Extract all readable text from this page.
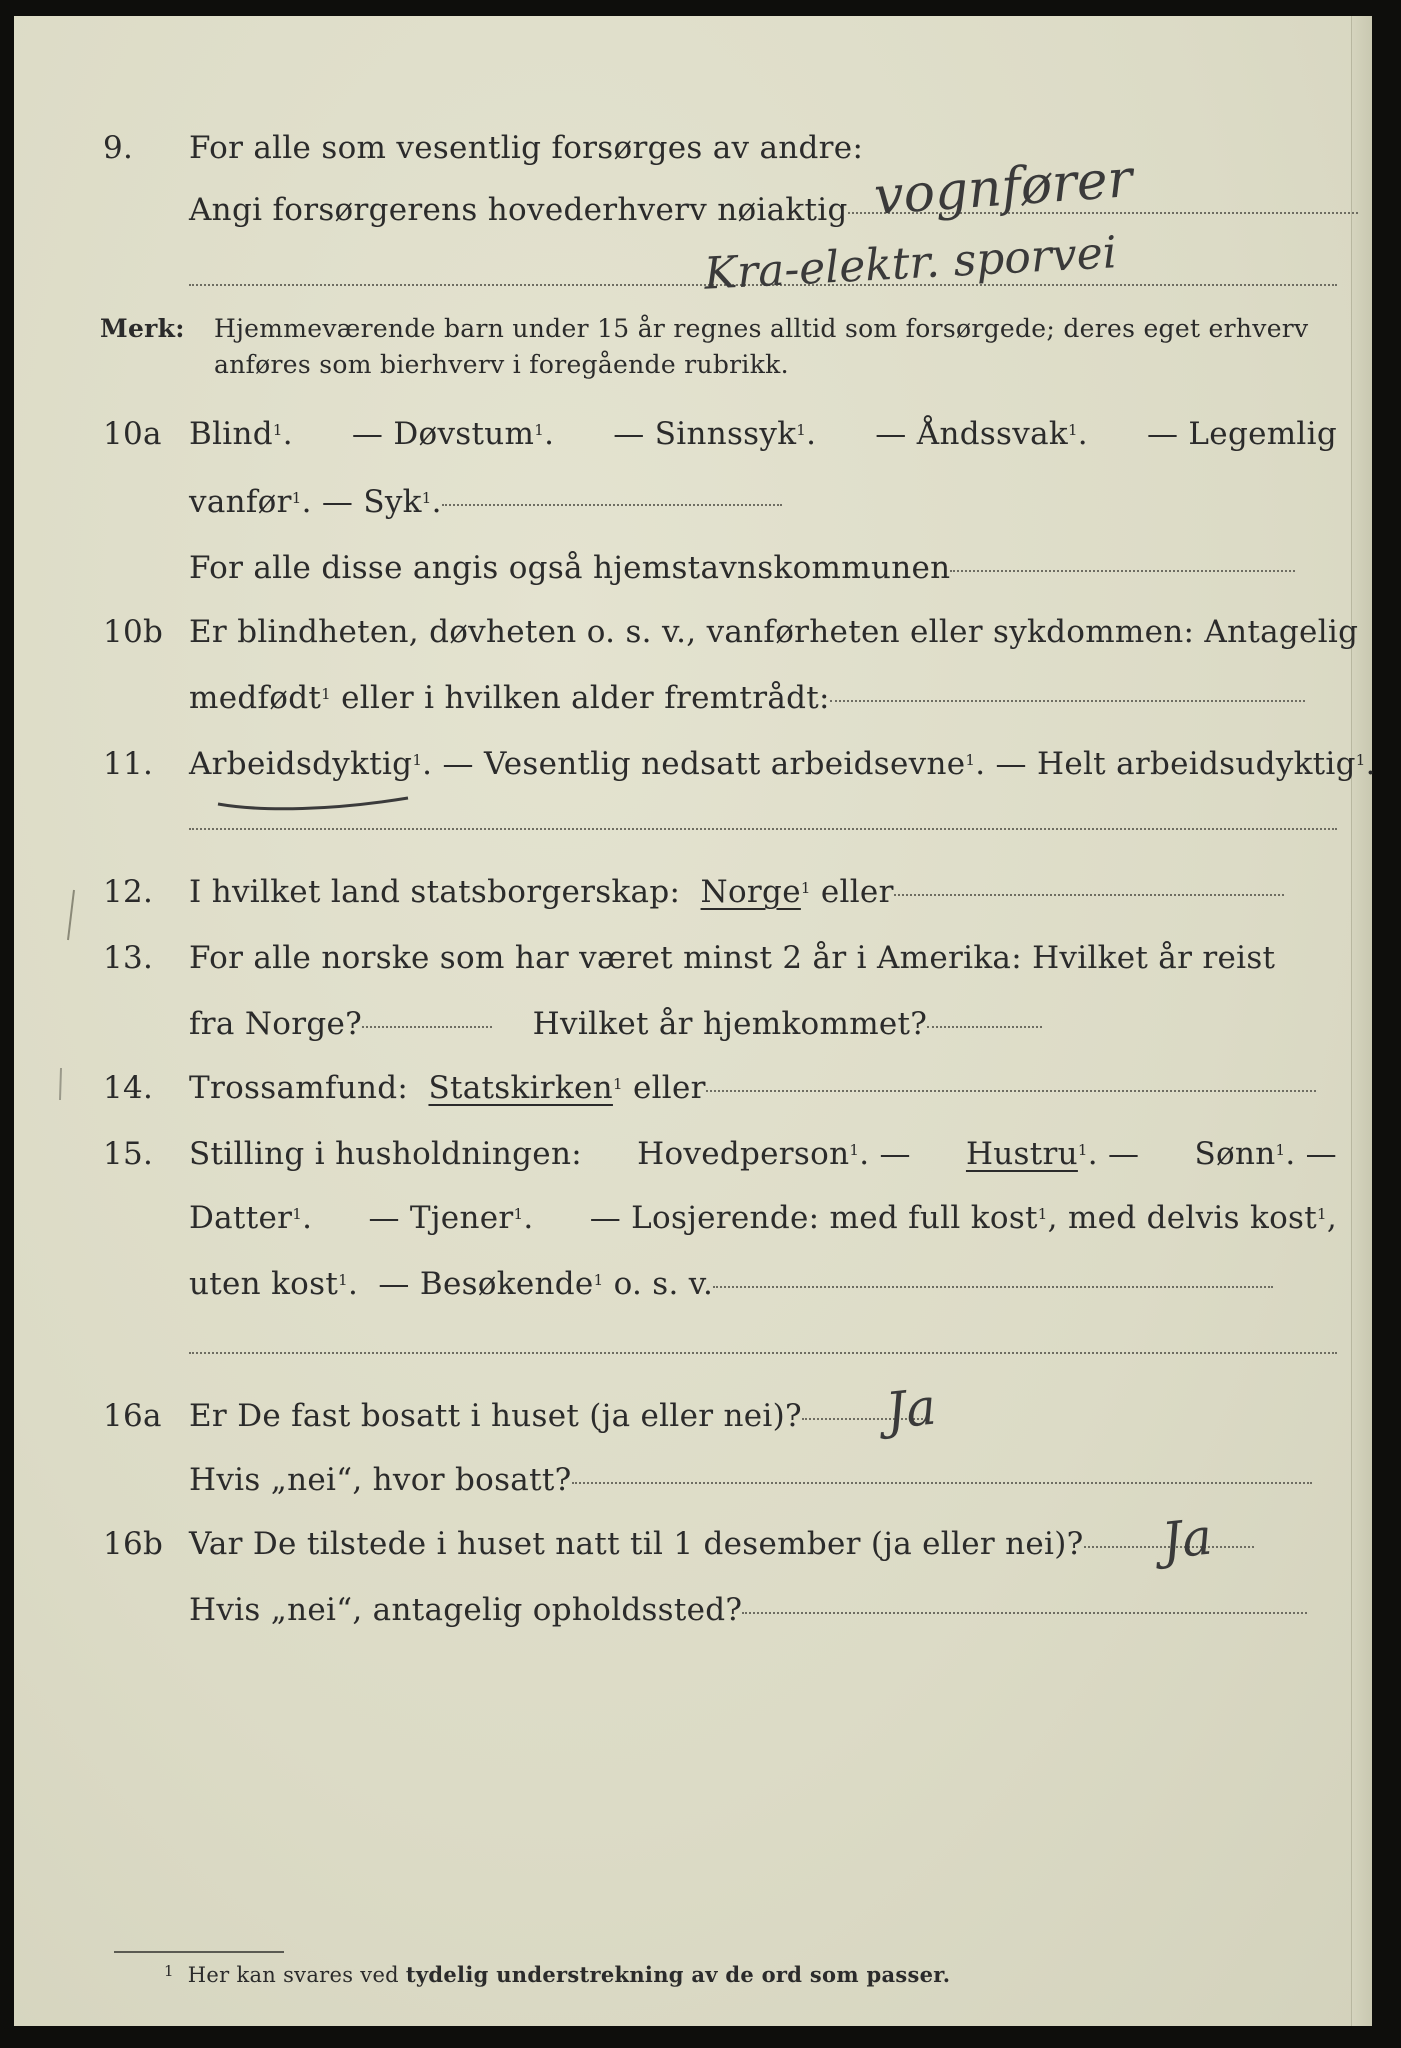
9.	For alle som vesentlig forsørges av andre:
Angi forsørgerens hovederhverv nøiaktig vognfører
Kra-elektr. sporvei
Merk: Hjemmeværende barn under 15 år regnes alltid som forsørgede; deres eget erhverv
anføres som bierhverv i foregående rubrikk.
10a Blind$^1$. — Døvstum$^1$. — Sinnssyk$^1$. — Åndssvak$^1$. — Legemlig
vanfør$^1$. — Syk$^1$.
For alle disse angis også hjemstavnskommunen
10b Er blindheten, døvheten o. s. v., vanførheten eller sykdommen: Antagelig
medfødt$^1$ eller i hvilken alder fremtrådt:
11.	Arbeidsdyktig$^1$. — Vesentlig nedsatt arbeidsevne$^1$. — Helt arbeidsudyktig$^1$.
12.	I hvilket land statsborgerskap: Norge$^1$ eller
13.	For alle norske som har været minst 2 år i Amerika: Hvilket år reist
fra Norge?	Hvilket år hjemkommet?
14.	Trossamfund: Statskirken$^1$ eller
15.	Stilling i husholdningen: Hovedperson$^1$. — Hustru$^1$. — Sønn$^1$. —
Datter$^1$. — Tjener$^1$. — Losjerende: med full kost$^1$, med delvis kost$^1$,
uten kost$^1$.  — Besøkende$^1$ o. s. v.
16a Er De fast bosatt i huset (ja eller nei)?	Ja
Hvis „nei“, hvor bosatt?
16b Var De tilstede i huset natt til 1 desember (ja eller nei)?	Ja
Hvis „nei“, antagelig opholdssted?
$^1$ Her kan svares ved tydelig understrekning av de ord som passer.
